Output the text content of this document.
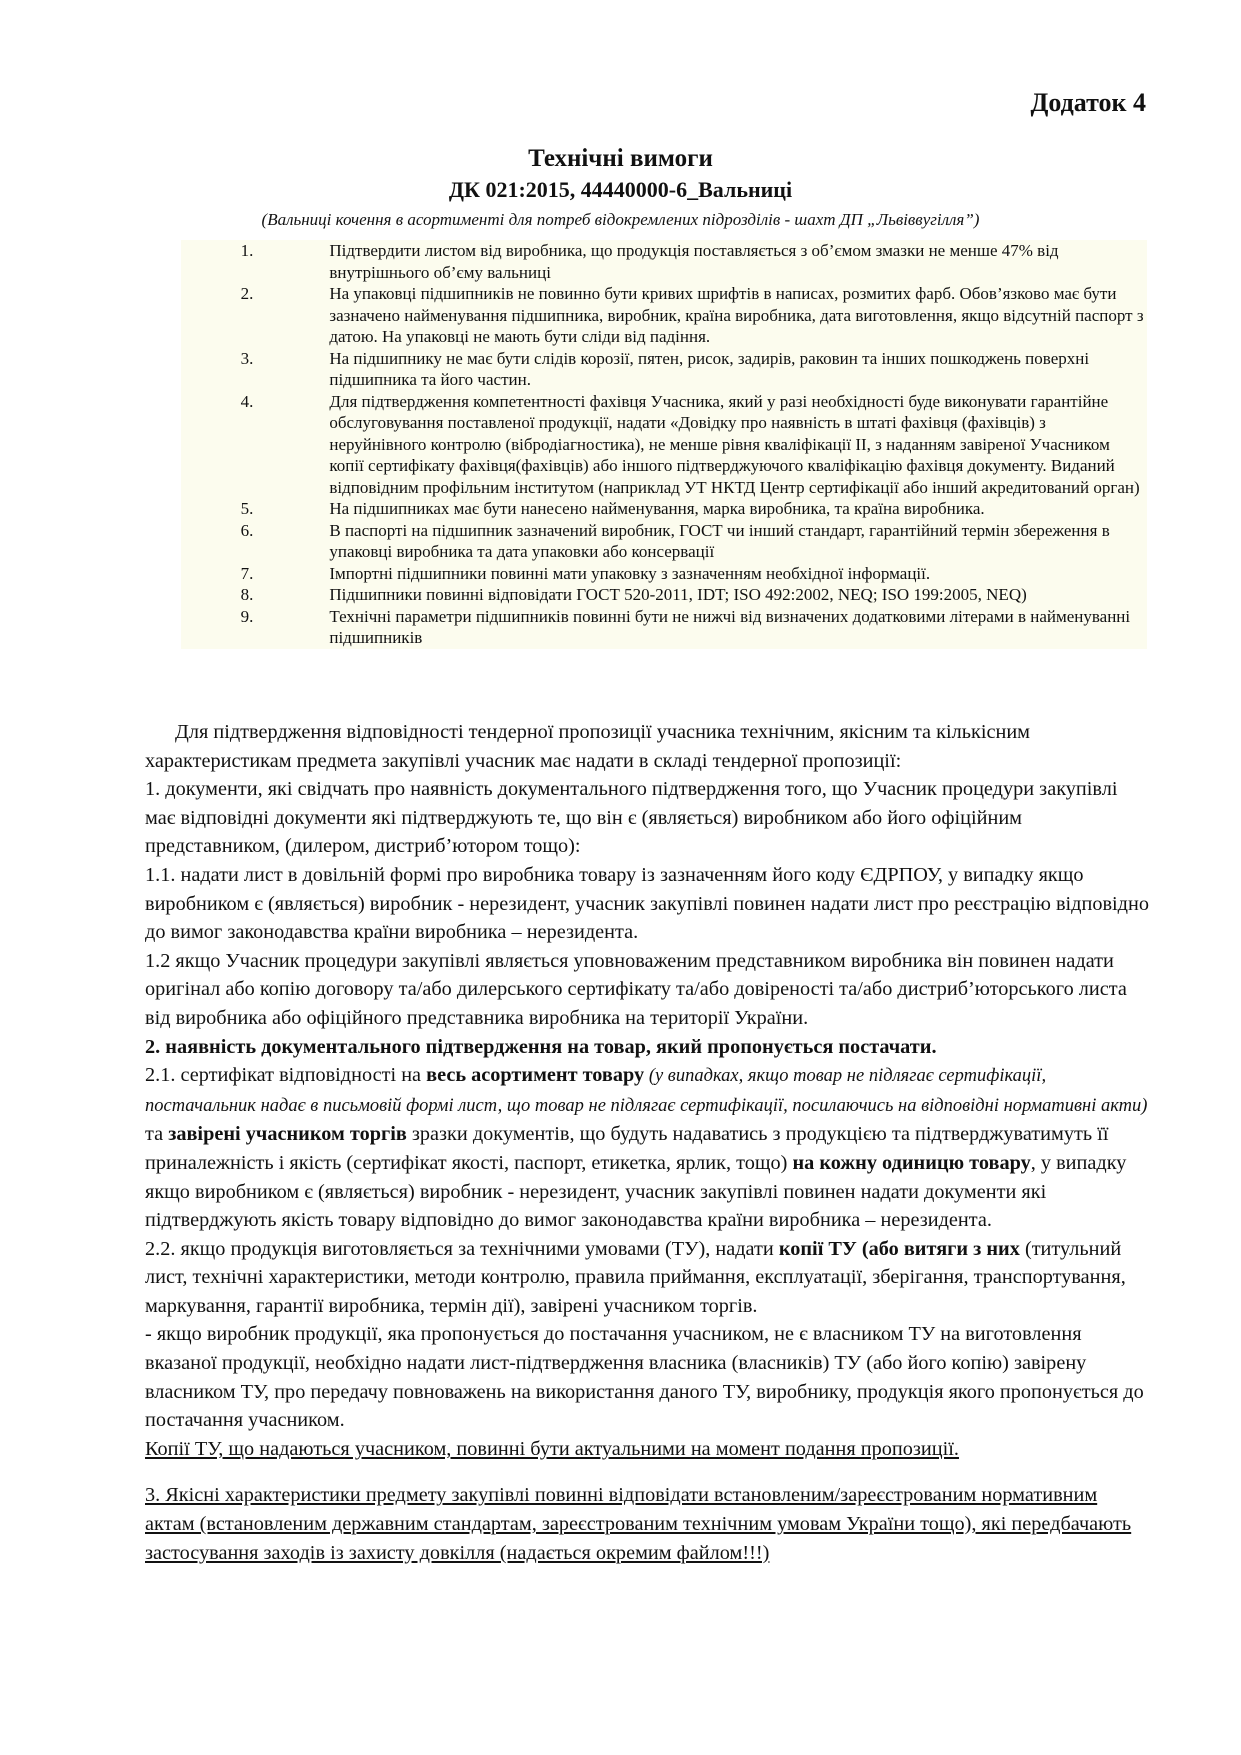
Додаток 4
Технічні вимоги
ДК 021:2015, 44440000-6_Вальниці
(Вальниці кочення в асортименті для потреб відокремлених підрозділів - шахт ДП „Львіввугілля”)
1.	Підтвердити листом від виробника, що продукція поставляється з об’ємом змазки не менше 47% від внутрішнього об’єму вальниці
2.	На упаковці підшипників не повинно бути кривих шрифтів в написах, розмитих фарб. Обов’язково має бути зазначено найменування підшипника, виробник, країна виробника, дата виготовлення, якщо відсутній паспорт з датою. На упаковці не мають бути сліди від падіння.
3.	На підшипнику не має бути слідів корозії, пятен, рисок, задирів, раковин та інших пошкоджень поверхні підшипника та його частин.
4.	Для підтвердження компетентності фахівця Учасника, який у разі необхідності буде виконувати гарантійне обслуговування поставленої продукції, надати «Довідку про наявність в штаті фахівця (фахівців) з неруйнівного контролю (вібродіагностика), не менше рівня кваліфікації ІІ, з наданням завіреної Учасником копії сертифікату фахівця(фахівців) або іншого підтверджуючого кваліфікацію фахівця документу. Виданий відповідним профільним інститутом (наприклад УТ НКТД Центр сертифікації або інший акредитований орган)
5.	На підшипниках має бути нанесено найменування, марка виробника, та країна виробника.
6.	В паспорті на підшипник зазначений виробник, ГОСТ чи інший стандарт, гарантійний термін збереження в упаковці виробника та дата упаковки або консервації
7.	Імпортні підшипники повинні мати упаковку з зазначенням необхідної інформації.
8.	Підшипники повинні відповідати ГОСТ 520-2011, IDT; ISO 492:2002, NEQ; ISO 199:2005, NEQ)
9.	Технічні параметри підшипників повинні бути не нижчі від визначених додатковими літерами в найменуванні підшипників

Для підтвердження відповідності тендерної пропозиції учасника технічним, якісним та кількісним характеристикам предмета закупівлі учасник має надати в складі тендерної пропозиції:

1. документи, які свідчать про наявність документального підтвердження того, що Учасник процедури закупівлі має відповідні документи які підтверджують те, що він є (являється) виробником або його офіційним представником, (дилером, дистриб’ютором тощо):

1.1. надати лист в довільній формі про виробника товару із зазначенням його коду ЄДРПОУ, у випадку якщо виробником є (являється) виробник - нерезидент, учасник закупівлі повинен надати лист про реєстрацію відповідно до вимог законодавства країни виробника – нерезидента.

1.2 якщо Учасник процедури закупівлі являється уповноваженим представником виробника він повинен надати оригінал або копію договору та/або дилерського сертифікату та/або довіреності та/або дистриб’юторського листа від виробника або офіційного представника виробника на території України.

2. наявність документального підтвердження на товар, який пропонується постачати.

2.1. сертифікат відповідності на весь асортимент товару (у випадках, якщо товар не підлягає сертифікації, постачальник надає в письмовій формі лист, що товар не підлягає сертифікації, посилаючись на відповідні нормативні акти) та завірені учасником торгів зразки документів, що будуть надаватись з продукцією та підтверджуватимуть її приналежність і якість (сертифікат якості, паспорт, етикетка, ярлик, тощо) на кожну одиницю товару, у випадку якщо виробником є (являється) виробник - нерезидент, учасник закупівлі повинен надати документи які підтверджують якість товару відповідно до вимог законодавства країни виробника – нерезидента.

2.2. якщо продукція виготовляється за технічними умовами (ТУ), надати копії ТУ (або витяги з них (титульний лист, технічні характеристики, методи контролю, правила приймання, експлуатації, зберігання, транспортування, маркування, гарантії виробника, термін дії), завірені учасником торгів.

- якщо виробник продукції, яка пропонується до постачання учасником, не є власником ТУ на виготовлення вказаної продукції, необхідно надати лист-підтвердження власника (власників) ТУ (або його копію) завірену власником ТУ, про передачу повноважень на використання даного ТУ, виробнику, продукція якого пропонується до постачання учасником.

Копії ТУ, що надаються учасником, повинні бути актуальними на момент подання пропозиції.

3. Якісні характеристики предмету закупівлі повинні відповідати встановленим/зареєстрованим нормативним актам (встановленим державним стандартам, зареєстрованим технічним умовам України тощо), які передбачають застосування заходів із захисту довкілля (надається окремим файлом!!!)
